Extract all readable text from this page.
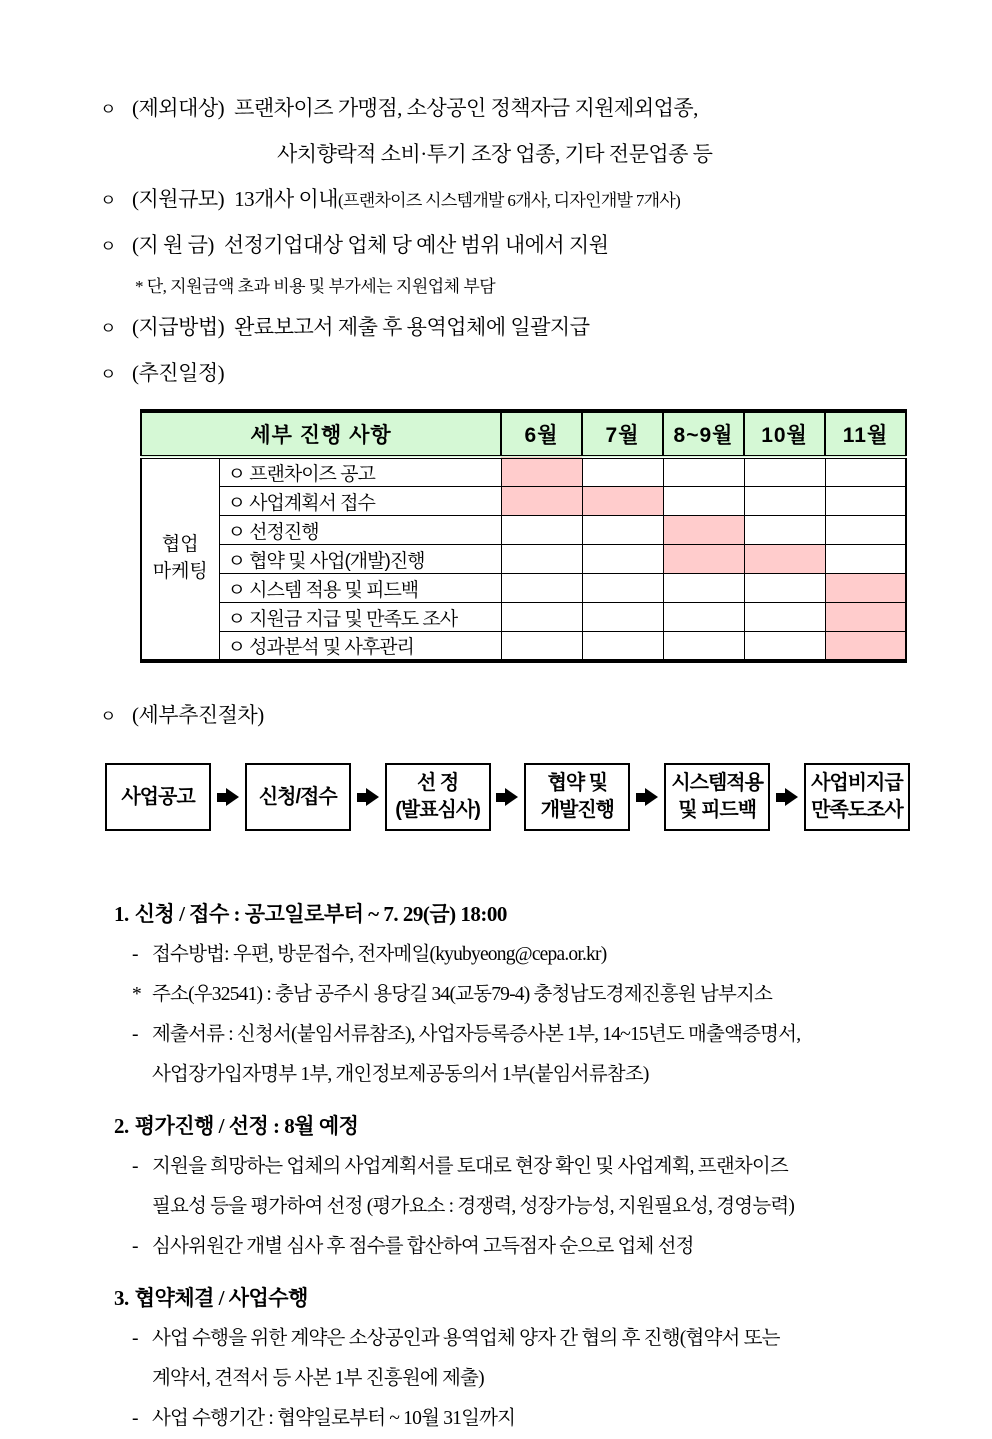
ㅇ (제외대상) 프랜차이즈 가맹점, 소상공인 정책자금 지원제외업종,
사치향락적 소비·투기 조장 업종, 기타 전문업종 등
ㅇ (지원규모) 13개사 이내(프랜차이즈 시스템개발 6개사, 디자인개발 7개사)
ㅇ (지 원 금) 선정기업대상 업체 당 예산 범위 내에서 지원
* 단, 지원금액 초과 비용 및 부가세는 지원업체 부담
ㅇ (지급방법) 완료보고서 제출 후 용역업체에 일괄지급
ㅇ (추진일정)
세부 진행 사항		6월	7월	8~9월	10월	11월

협업
마케팅	ㅇ 프랜차이즈 공고					
	ㅇ 사업계획서 접수					
	ㅇ 선정진행					
	ㅇ 협약 및 사업(개발)진행					
	ㅇ 시스템 적용 및 피드백					
	ㅇ 지원금 지급 및 만족도 조사					
	ㅇ 성과분석 및 사후관리					
ㅇ (세부추진절차)
사업공고	신청/접수
선 정
(발표심사)
협약 및
개발진행
시스템적용
및 피드백
사업비지급
만족도조사
1. 신청 / 접수 : 공고일로부터 ~ 7. 29(금) 18:00
- 접수방법: 우편, 방문접수, 전자메일(kyubyeong@cepa.or.kr)
* 주소(우32541) : 충남 공주시 용당길 34(교동79-4) 충청남도경제진흥원 남부지소
- 제출서류 : 신청서(붙임서류참조), 사업자등록증사본 1부, 14~15년도 매출액증명서,
사업장가입자명부 1부, 개인정보제공동의서 1부(붙임서류참조)
2. 평가진행 / 선정 : 8월 예정
- 지원을 희망하는 업체의 사업계획서를 토대로 현장 확인 및 사업계획, 프랜차이즈
필요성 등을 평가하여 선정 (평가요소 : 경쟁력, 성장가능성, 지원필요성, 경영능력)
- 심사위원간 개별 심사 후 점수를 합산하여 고득점자 순으로 업체 선정
3. 협약체결 / 사업수행
- 사업 수행을 위한 계약은 소상공인과 용역업체 양자 간 협의 후 진행(협약서 또는
계약서, 견적서 등 사본 1부 진흥원에 제출)
- 사업 수행기간 : 협약일로부터 ~ 10월 31일까지
